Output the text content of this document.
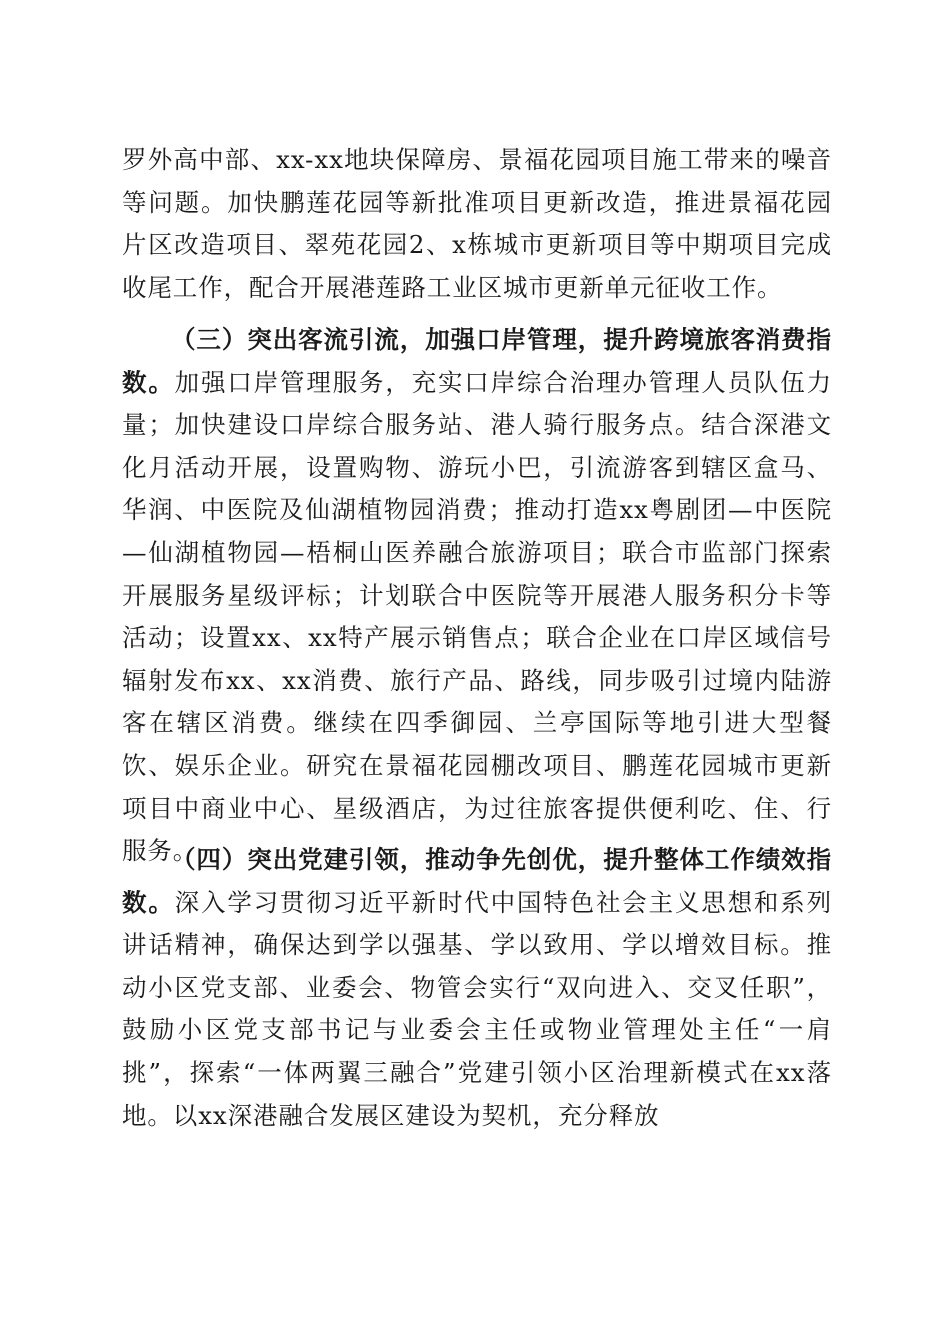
罗外高中部、xx-xx地块保障房、景福花园项目施工带来的噪音等问题。加快鹏莲花园等新批准项目更新改造，推进景福花园片区改造项目、翠苑花园2、x栋城市更新项目等中期项目完成收尾工作，配合开展港莲路工业区城市更新单元征收工作。

（三）突出客流引流，加强口岸管理，提升跨境旅客消费指数。加强口岸管理服务，充实口岸综合治理办管理人员队伍力量；加快建设口岸综合服务站、港人骑行服务点。结合深港文化月活动开展，设置购物、游玩小巴，引流游客到辖区盒马、华润、中医院及仙湖植物园消费；推动打造xx粤剧团—中医院—仙湖植物园—梧桐山医养融合旅游项目；联合市监部门探索开展服务星级评标；计划联合中医院等开展港人服务积分卡等活动；设置xx、xx特产展示销售点；联合企业在口岸区域信号辐射发布xx、xx消费、旅行产品、路线，同步吸引过境内陆游客在辖区消费。继续在四季御园、兰亭国际等地引进大型餐饮、娱乐企业。研究在景福花园棚改项目、鹏莲花园城市更新项目中商业中心、星级酒店，为过往旅客提供便利吃、住、行服务。

（四）突出党建引领，推动争先创优，提升整体工作绩效指数。深入学习贯彻习近平新时代中国特色社会主义思想和系列讲话精神，确保达到学以强基、学以致用、学以增效目标。推动小区党支部、业委会、物管会实行“双向进入、交叉任职”，鼓励小区党支部书记与业委会主任或物业管理处主任“一肩挑”，探索“一体两翼三融合”党建引领小区治理新模式在xx落地。以xx深港融合发展区建设为契机，充分释放
